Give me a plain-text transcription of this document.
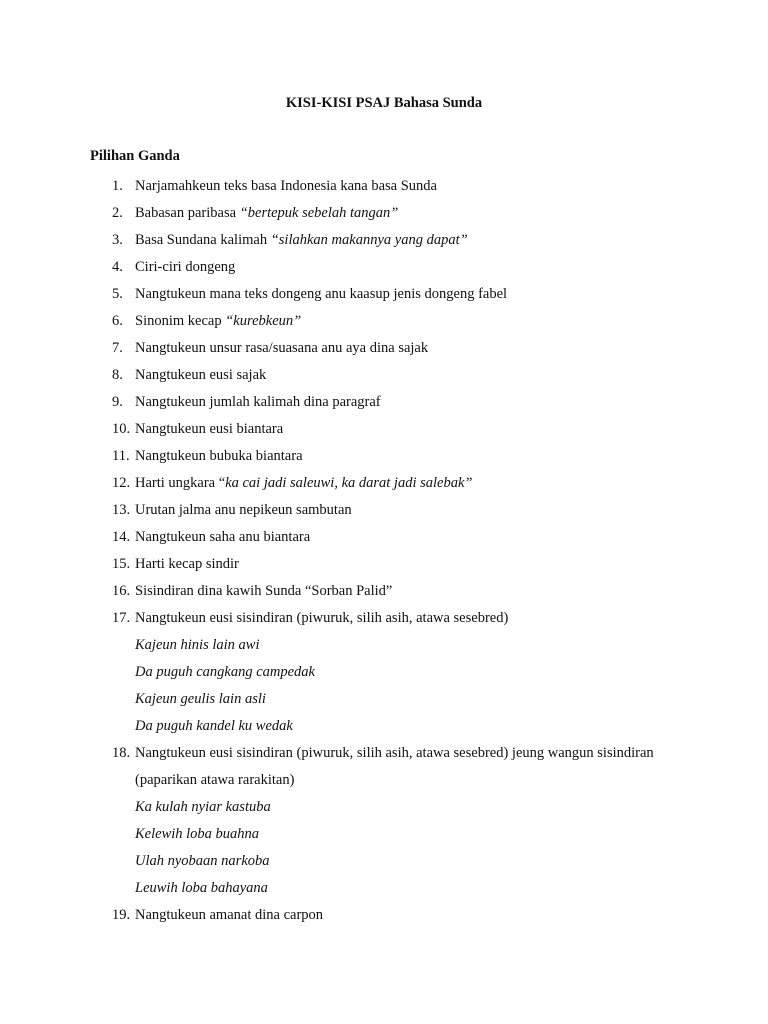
KISI-KISI PSAJ Bahasa Sunda
Pilihan Ganda
1. Narjamahkeun teks basa Indonesia kana basa Sunda
2. Babasan paribasa “bertepuk sebelah tangan”
3. Basa Sundana kalimah “silahkan makannya yang dapat”
4. Ciri-ciri dongeng
5. Nangtukeun mana teks dongeng anu kaasup jenis dongeng fabel
6. Sinonim kecap “kurebkeun”
7. Nangtukeun unsur rasa/suasana anu aya dina sajak
8. Nangtukeun eusi sajak
9. Nangtukeun jumlah kalimah dina paragraf
10. Nangtukeun eusi biantara
11. Nangtukeun bubuka biantara
12. Harti ungkara “ka cai jadi saleuwi, ka darat jadi salebak”
13. Urutan jalma anu nepikeun sambutan
14. Nangtukeun saha anu biantara
15. Harti kecap sindir
16. Sisindiran dina kawih Sunda “Sorban Palid”
17. Nangtukeun eusi sisindiran (piwuruk, silih asih, atawa sesebred)
Kajeun hinis lain awi
Da puguh cangkang campedak
Kajeun geulis lain asli
Da puguh kandel ku wedak
18. Nangtukeun eusi sisindiran (piwuruk, silih asih, atawa sesebred) jeung wangun sisindiran
(paparikan atawa rarakitan)
Ka kulah nyiar kastuba
Kelewih loba buahna
Ulah nyobaan narkoba
Leuwih loba bahayana
19. Nangtukeun amanat dina carpon
